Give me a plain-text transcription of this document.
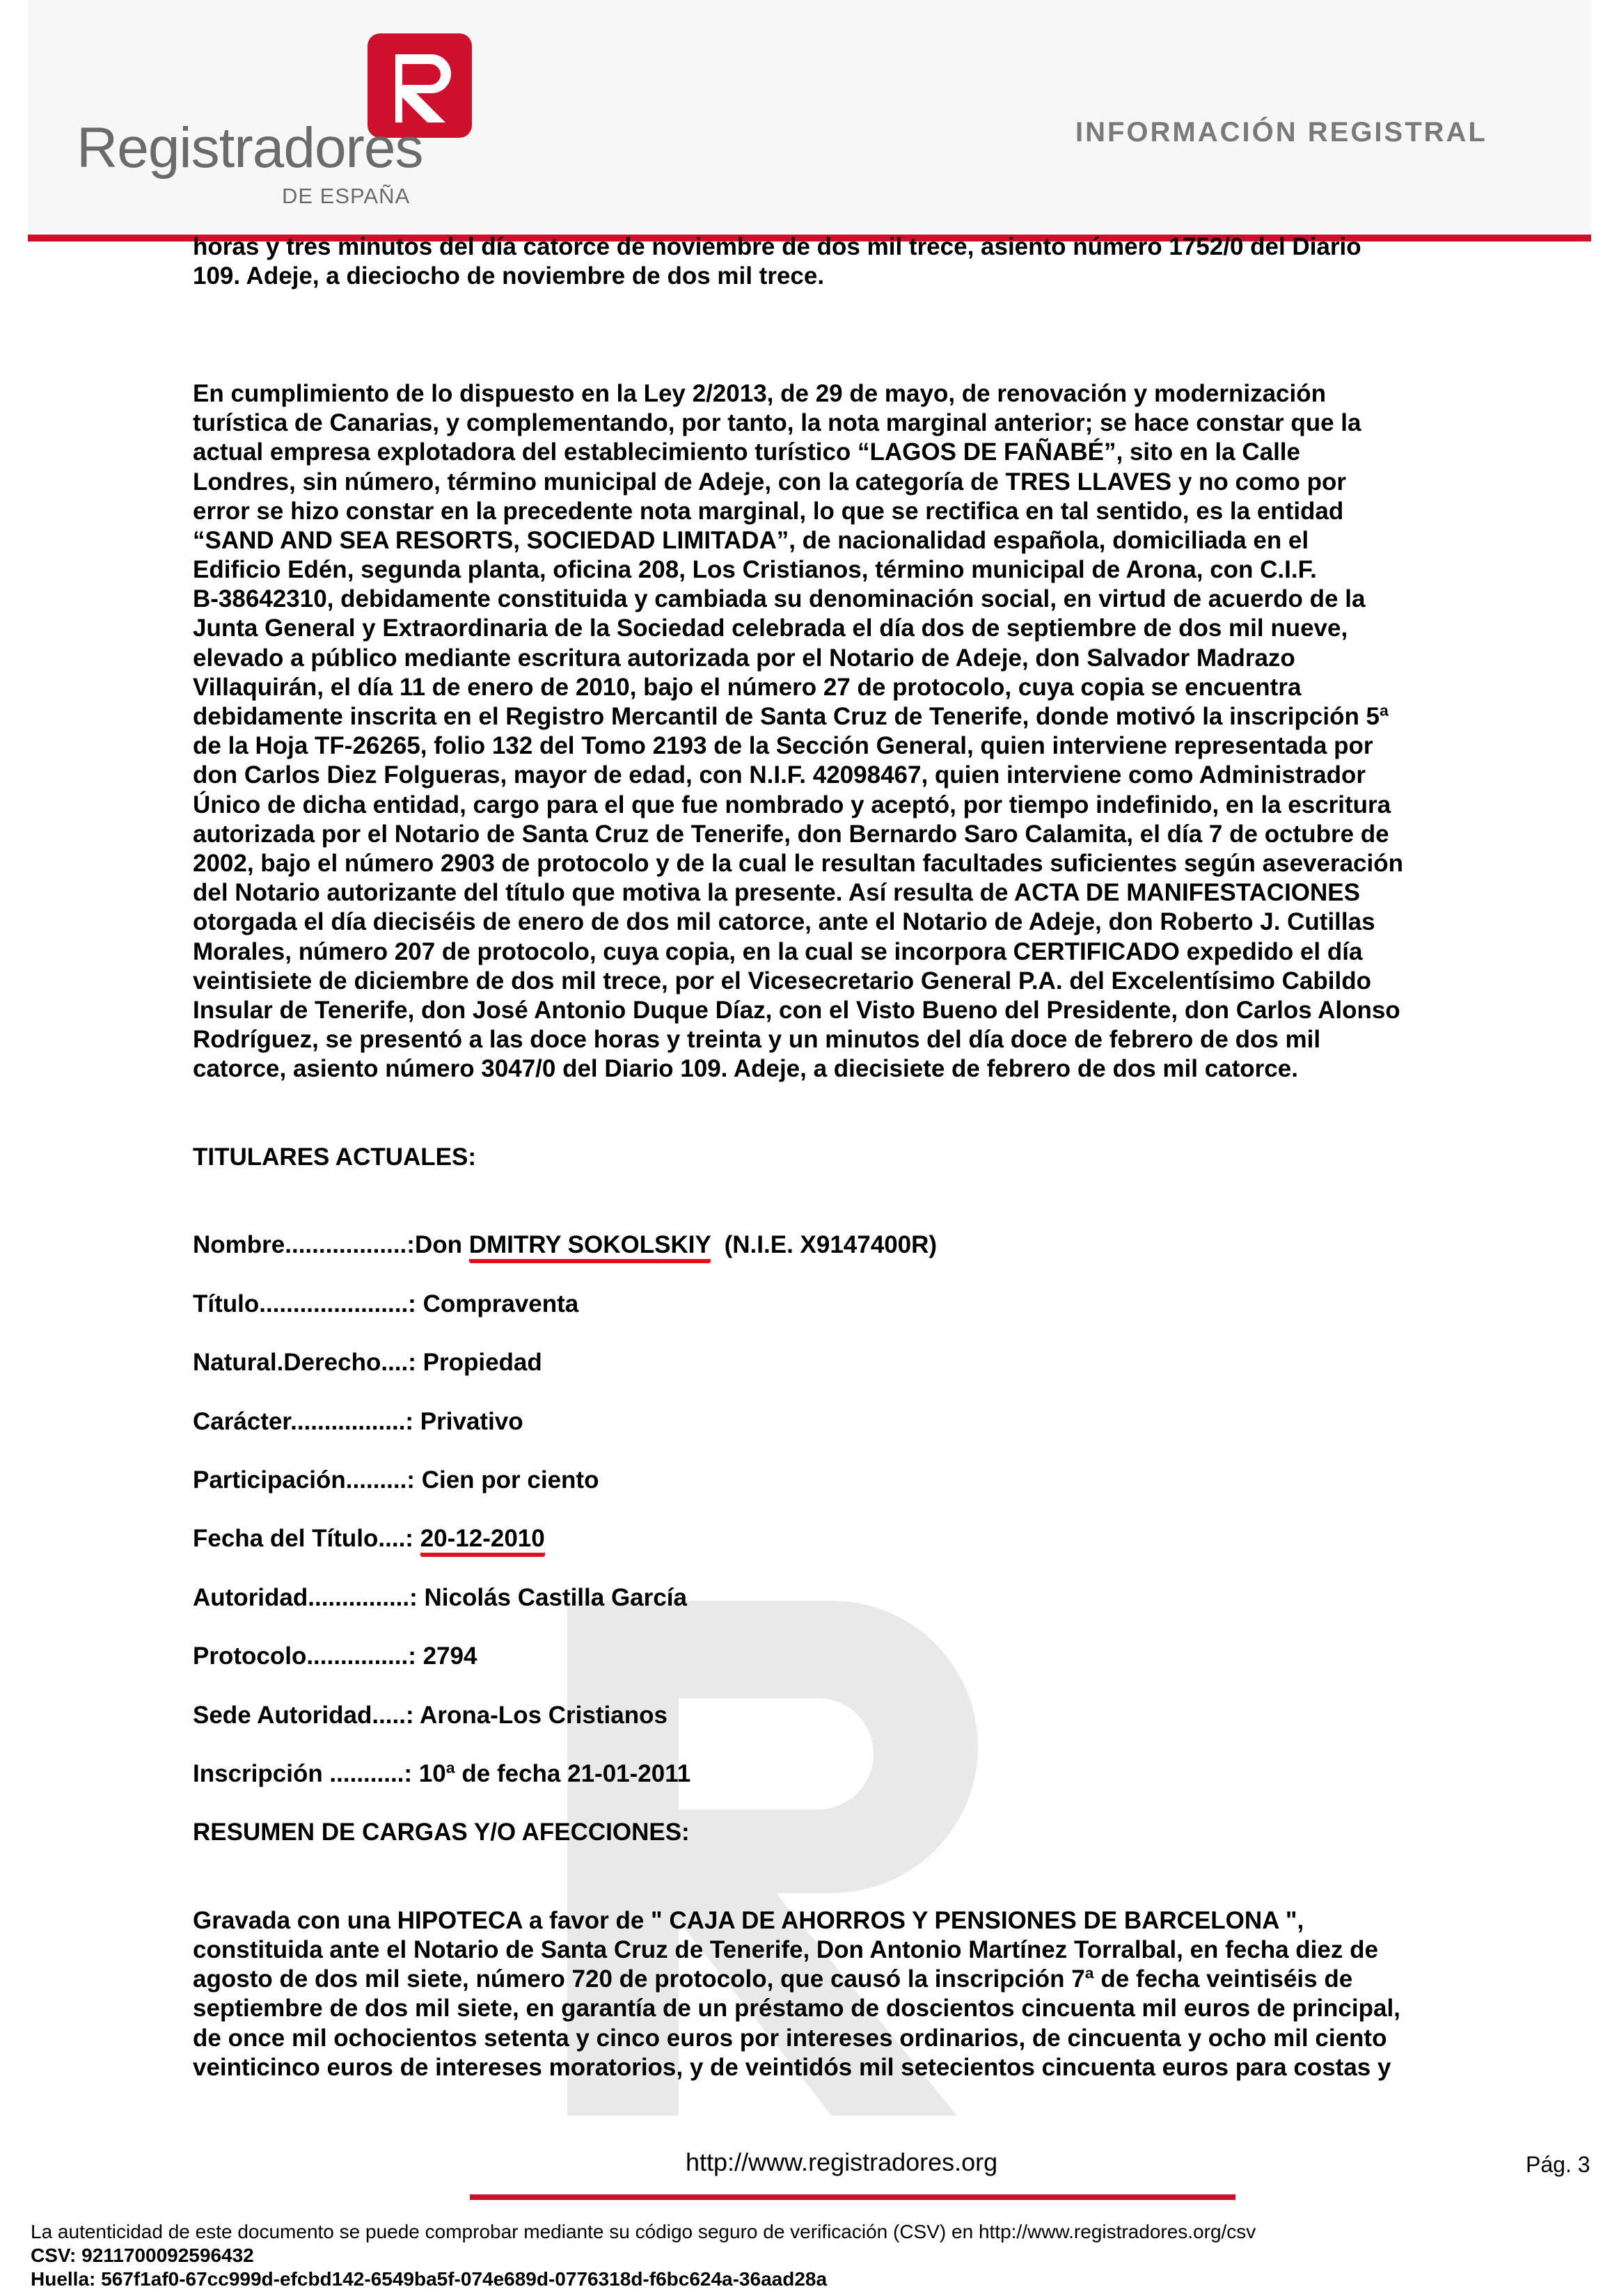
Registradores
DE ESPAÑA
INFORMACIÓN REGISTRAL
horas y tres minutos del día catorce de noviembre de dos mil trece, asiento número 1752/0 del Diario
109. Adeje, a dieciocho de noviembre de dos mil trece.
En cumplimiento de lo dispuesto en la Ley 2/2013, de 29 de mayo, de renovación y modernización
turística de Canarias, y complementando, por tanto, la nota marginal anterior; se hace constar que la
actual empresa explotadora del establecimiento turístico “LAGOS DE FAÑABÉ”, sito en la Calle
Londres, sin número, término municipal de Adeje, con la categoría de TRES LLAVES y no como por
error se hizo constar en la precedente nota marginal, lo que se rectifica en tal sentido, es la entidad
“SAND AND SEA RESORTS, SOCIEDAD LIMITADA”, de nacionalidad española, domiciliada en el
Edificio Edén, segunda planta, oficina 208, Los Cristianos, término municipal de Arona, con C.I.F.
B-38642310, debidamente constituida y cambiada su denominación social, en virtud de acuerdo de la
Junta General y Extraordinaria de la Sociedad celebrada el día dos de septiembre de dos mil nueve,
elevado a público mediante escritura autorizada por el Notario de Adeje, don Salvador Madrazo
Villaquirán, el día 11 de enero de 2010, bajo el número 27 de protocolo, cuya copia se encuentra
debidamente inscrita en el Registro Mercantil de Santa Cruz de Tenerife, donde motivó la inscripción 5ª
de la Hoja TF-26265, folio 132 del Tomo 2193 de la Sección General, quien interviene representada por
don Carlos Diez Folgueras, mayor de edad, con N.I.F. 42098467, quien interviene como Administrador
Único de dicha entidad, cargo para el que fue nombrado y aceptó, por tiempo indefinido, en la escritura
autorizada por el Notario de Santa Cruz de Tenerife, don Bernardo Saro Calamita, el día 7 de octubre de
2002, bajo el número 2903 de protocolo y de la cual le resultan facultades suficientes según aseveración
del Notario autorizante del título que motiva la presente. Así resulta de ACTA DE MANIFESTACIONES
otorgada el día dieciséis de enero de dos mil catorce, ante el Notario de Adeje, don Roberto J. Cutillas
Morales, número 207 de protocolo, cuya copia, en la cual se incorpora CERTIFICADO expedido el día
veintisiete de diciembre de dos mil trece, por el Vicesecretario General P.A. del Excelentísimo Cabildo
Insular de Tenerife, don José Antonio Duque Díaz, con el Visto Bueno del Presidente, don Carlos Alonso
Rodríguez, se presentó a las doce horas y treinta y un minutos del día doce de febrero de dos mil
catorce, asiento número 3047/0 del Diario 109. Adeje, a diecisiete de febrero de dos mil catorce.
TITULARES ACTUALES:
Nombre..................:Don DMITRY SOKOLSKIY  (N.I.E. X9147400R)
Título......................: Compraventa
Natural.Derecho....: Propiedad
Carácter.................: Privativo
Participación.........: Cien por ciento
Fecha del Título....: 20-12-2010
Autoridad...............: Nicolás Castilla García
Protocolo...............: 2794
Sede Autoridad.....: Arona-Los Cristianos
Inscripción ...........: 10ª de fecha 21-01-2011
RESUMEN DE CARGAS Y/O AFECCIONES:
Gravada con una HIPOTECA a favor de " CAJA DE AHORROS Y PENSIONES DE BARCELONA ",
constituida ante el Notario de Santa Cruz de Tenerife, Don Antonio Martínez Torralbal, en fecha diez de
agosto de dos mil siete, número 720 de protocolo, que causó la inscripción 7ª de fecha veintiséis de
septiembre de dos mil siete, en garantía de un préstamo de doscientos cincuenta mil euros de principal,
de once mil ochocientos setenta y cinco euros por intereses ordinarios, de cincuenta y ocho mil ciento
veinticinco euros de intereses moratorios, y de veintidós mil setecientos cincuenta euros para costas y
http://www.registradores.org	Pág. 3
La autenticidad de este documento se puede comprobar mediante su código seguro de verificación (CSV) en http://www.registradores.org/csv
CSV: 9211700092596432
Huella: 567f1af0-67cc999d-efcbd142-6549ba5f-074e689d-0776318d-f6bc624a-36aad28a
